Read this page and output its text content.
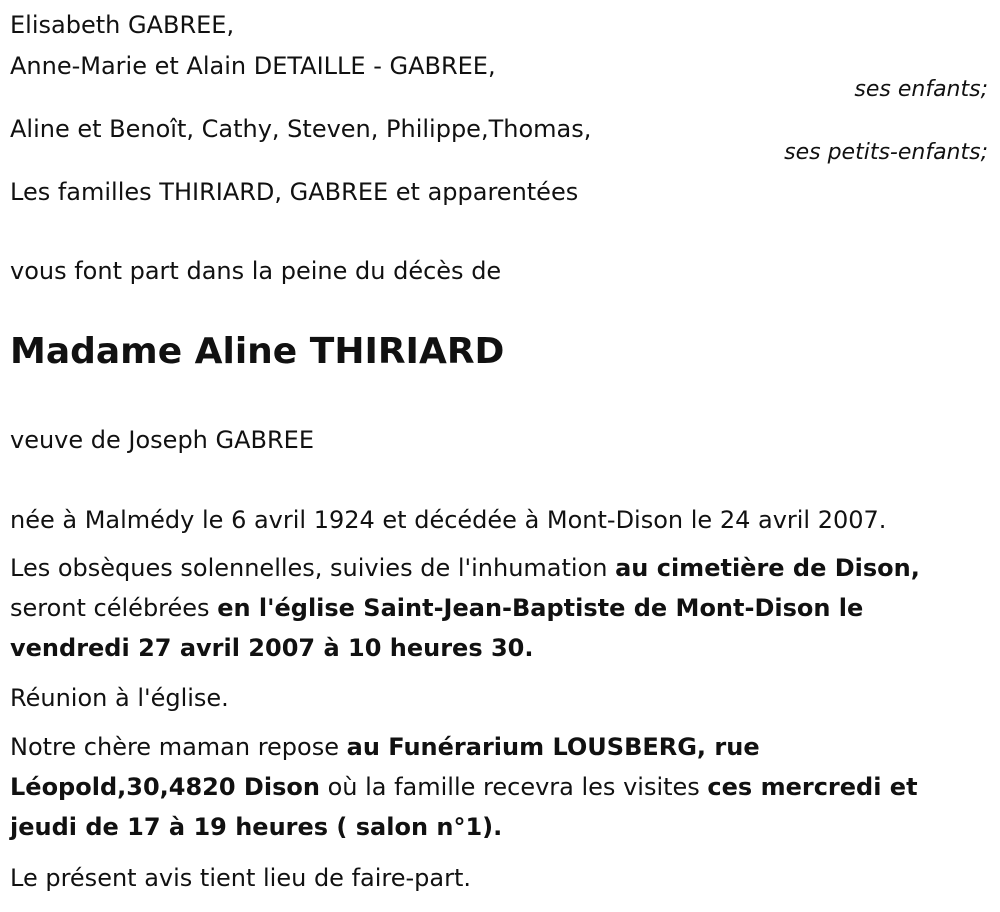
Elisabeth GABREE,
Anne-Marie et Alain DETAILLE - GABREE,
ses enfants;
Aline et Benoît, Cathy, Steven, Philippe,Thomas,
ses petits-enfants;
Les familles THIRIARD, GABREE et apparentées
vous font part dans la peine du décès de
Madame Aline THIRIARD
veuve de Joseph GABREE
née à Malmédy le 6 avril 1924 et décédée à Mont-Dison le 24 avril 2007.
Les obsèques solennelles, suivies de l'inhumation au cimetière de Dison, seront célébrées en l'église Saint-Jean-Baptiste de Mont-Dison le vendredi 27 avril 2007 à 10 heures 30.
Réunion à l'église.
Notre chère maman repose au Funérarium LOUSBERG, rue Léopold,30,4820 Dison où la famille recevra les visites ces mercredi et jeudi de 17 à 19 heures ( salon n°1).
Le présent avis tient lieu de faire-part.
